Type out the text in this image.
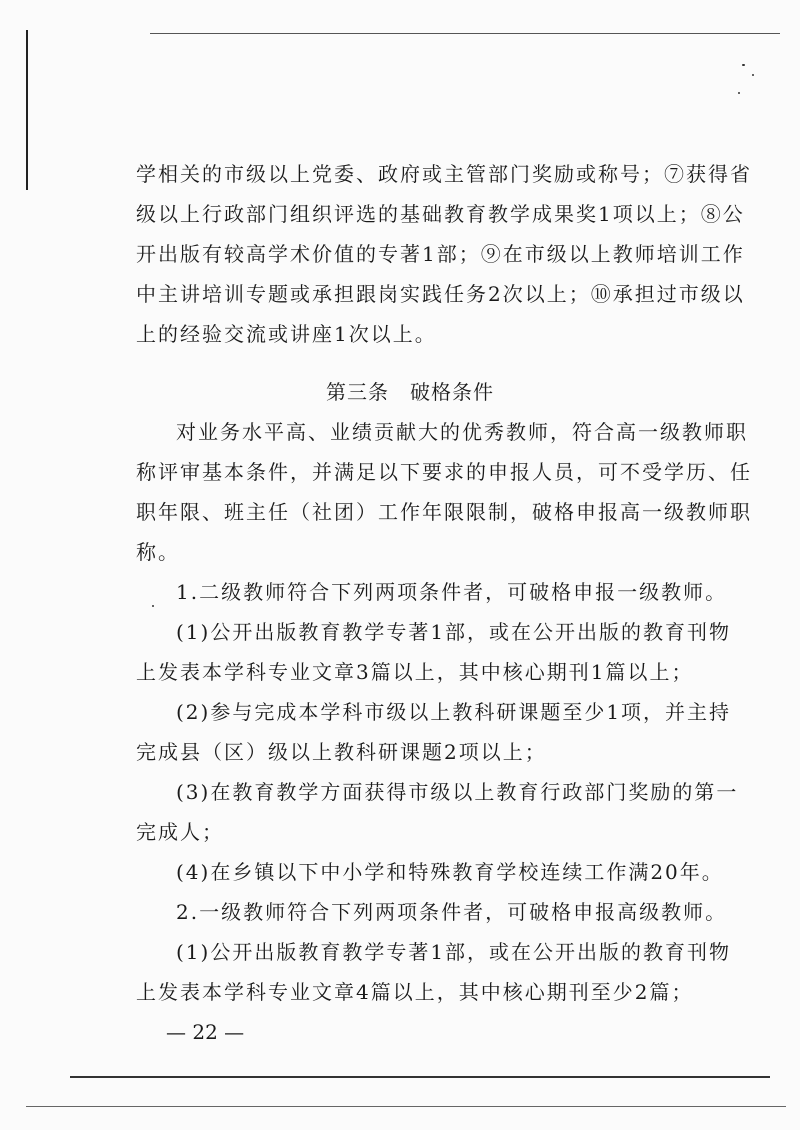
学相关的市级以上党委、政府或主管部门奖励或称号；⑦获得省
级以上行政部门组织评选的基础教育教学成果奖1项以上；⑧公
开出版有较高学术价值的专著1部；⑨在市级以上教师培训工作
中主讲培训专题或承担跟岗实践任务2次以上；⑩承担过市级以
上的经验交流或讲座1次以上。
第三条　破格条件
对业务水平高、业绩贡献大的优秀教师，符合高一级教师职
称评审基本条件，并满足以下要求的申报人员，可不受学历、任
职年限、班主任（社团）工作年限限制，破格申报高一级教师职
称。
1.二级教师符合下列两项条件者，可破格申报一级教师。
(1)公开出版教育教学专著1部，或在公开出版的教育刊物
上发表本学科专业文章3篇以上，其中核心期刊1篇以上；
(2)参与完成本学科市级以上教科研课题至少1项，并主持
完成县（区）级以上教科研课题2项以上；
(3)在教育教学方面获得市级以上教育行政部门奖励的第一
完成人；
(4)在乡镇以下中小学和特殊教育学校连续工作满20年。
2.一级教师符合下列两项条件者，可破格申报高级教师。
(1)公开出版教育教学专著1部，或在公开出版的教育刊物
上发表本学科专业文章4篇以上，其中核心期刊至少2篇；
— 22 —
